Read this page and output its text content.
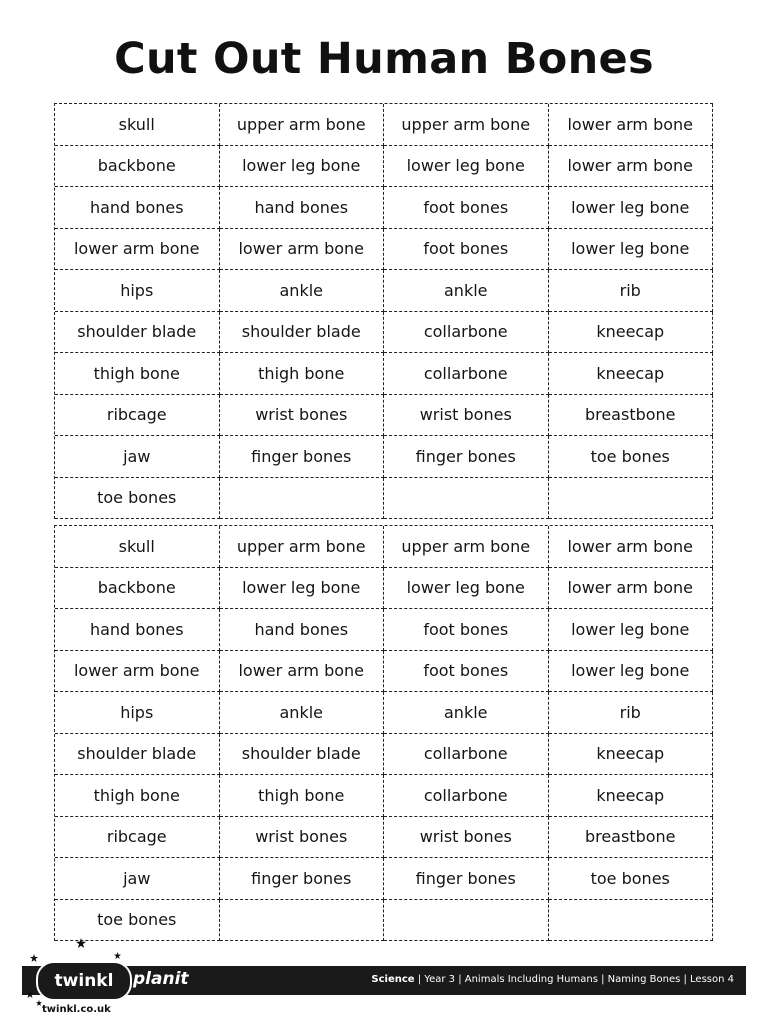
Cut Out Human Bones
skull	upper arm bone	upper arm bone	lower arm bone
backbone	lower leg bone	lower leg bone	lower arm bone
hand bones	hand bones	foot bones	lower leg bone
lower arm bone	lower arm bone	foot bones	lower leg bone
hips	ankle	ankle	rib
shoulder blade	shoulder blade	collarbone	kneecap
thigh bone	thigh bone	collarbone	kneecap
ribcage	wrist bones	wrist bones	breastbone
jaw	finger bones	finger bones	toe bones
toe bones
skull	upper arm bone	upper arm bone	lower arm bone
backbone	lower leg bone	lower leg bone	lower arm bone
hand bones	hand bones	foot bones	lower leg bone
lower arm bone	lower arm bone	foot bones	lower leg bone
hips	ankle	ankle	rib
shoulder blade	shoulder blade	collarbone	kneecap
thigh bone	thigh bone	collarbone	kneecap
ribcage	wrist bones	wrist bones	breastbone
jaw	finger bones	finger bones	toe bones
toe bones
twinkl
twinkl.co.uk
planit	Science | Year 3 | Animals Including Humans | Naming Bones | Lesson 4
